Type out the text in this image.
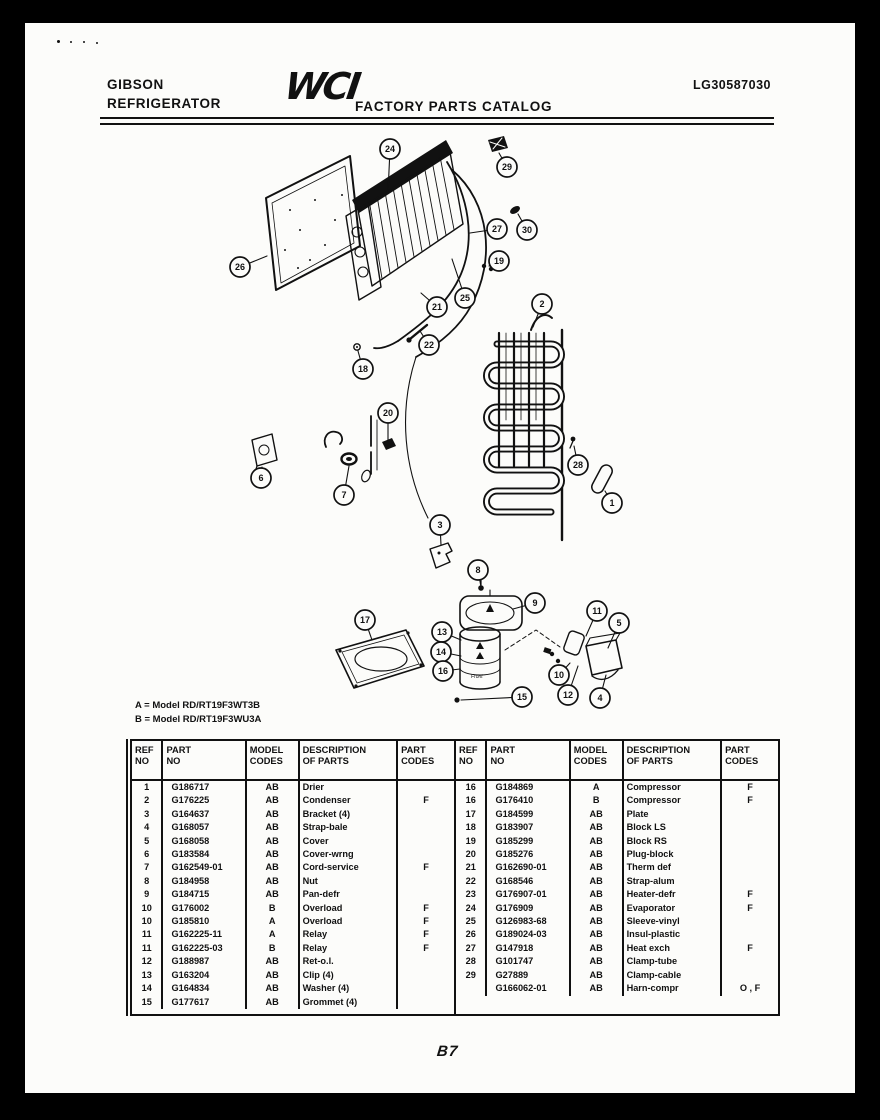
GIBSON
REFRIGERATOR WCI
FACTORY PARTS CATALOG
LG30587030
Front
24
29
27 30
19
26
25
21	2
22
18
20
6
7
3
28
1
8
9
17
13
14
16
15
11
5
10
12	4
A = Model RD/RT19F3WT3B
B = Model RD/RT19F3WU3A
REF
NO

PART
NO

MODEL
CODES

DESCRIPTION
OF PARTS

PART
CODES

1	G186717	AB	Drier	
2	G176225	AB	Condenser	F
3	G164637	AB	Bracket (4)	
4	G168057	AB	Strap-bale	
5	G168058	AB	Cover	
6	G183584	AB	Cover-wrng	
7	G162549-01	AB	Cord-service	F
8	G184958	AB	Nut	
9	G184715	AB	Pan-defr	
10	G176002	B	Overload	F
10	G185810	A	Overload	F
11	G162225-11	A	Relay	F
11	G162225-03	B	Relay	F
12	G188987	AB	Ret-o.l.	
13	G163204	AB	Clip (4)	
14	G164834	AB	Washer (4)	
15	G177617	AB	Grommet (4)	
REF
NO

PART
NO

MODEL
CODES

DESCRIPTION
OF PARTS

PART
CODES

16	G184869	A	Compressor	F
16	G176410	B	Compressor	F
17	G184599	AB	Plate	
18	G183907	AB	Block LS	
19	G185299	AB	Block RS	
20	G185276	AB	Plug-block	
21	G162690-01	AB	Therm def	
22	G168546	AB	Strap-alum	
23	G176907-01	AB	Heater-defr	F
24	G176909	AB	Evaporator	F
25	G126983-68	AB	Sleeve-vinyl	
26	G189024-03	AB	Insul-plastic	
27	G147918	AB	Heat exch	F
28	G101747	AB	Clamp-tube	
29	G27889	AB	Clamp-cable	
	G166062-01	AB	Harn-compr	O , F
B7
